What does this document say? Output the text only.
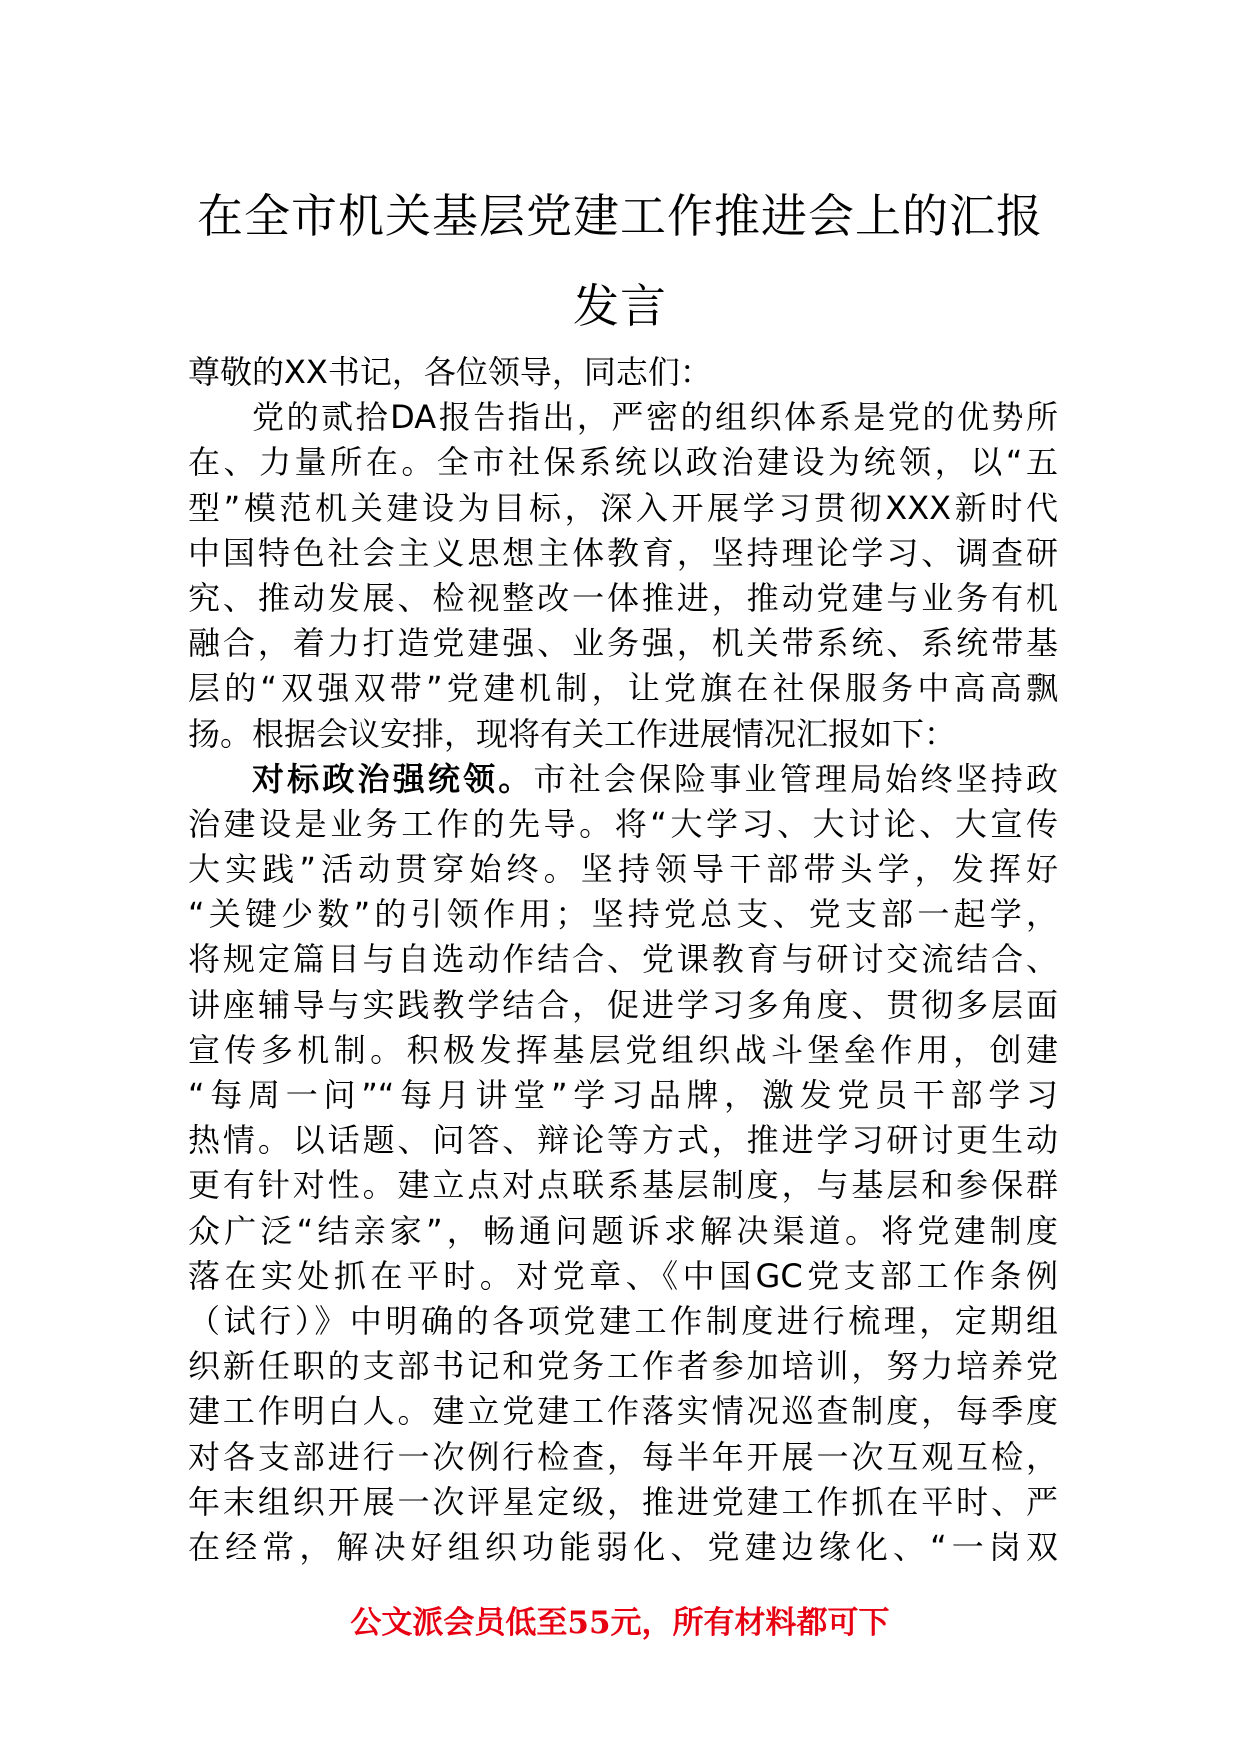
在全市机关基层党建工作推进会上的汇报
发言
尊敬的XX书记，各位领导，同志们：
党的贰拾DA报告指出，严密的组织体系是党的优势所
在、力量所在。全市社保系统以政治建设为统领，以“五
型”模范机关建设为目标，深入开展学习贯彻XXX新时代
中国特色社会主义思想主体教育，坚持理论学习、调查研
究、推动发展、检视整改一体推进，推动党建与业务有机
融合，着力打造党建强、业务强，机关带系统、系统带基
层的“双强双带”党建机制，让党旗在社保服务中高高飘
扬。根据会议安排，现将有关工作进展情况汇报如下：
对标政治强统领。市社会保险事业管理局始终坚持政
治建设是业务工作的先导。将“大学习、大讨论、大宣传
大实践”活动贯穿始终。坚持领导干部带头学，发挥好
“关键少数”的引领作用；坚持党总支、党支部一起学，
将规定篇目与自选动作结合、党课教育与研讨交流结合、
讲座辅导与实践教学结合，促进学习多角度、贯彻多层面
宣传多机制。积极发挥基层党组织战斗堡垒作用，创建
“每周一问”“每月讲堂”学习品牌，激发党员干部学习
热情。以话题、问答、辩论等方式，推进学习研讨更生动
更有针对性。建立点对点联系基层制度，与基层和参保群
众广泛“结亲家”，畅通问题诉求解决渠道。将党建制度
落在实处抓在平时。对党章、《中国GC党支部工作条例
（试行）》中明确的各项党建工作制度进行梳理，定期组
织新任职的支部书记和党务工作者参加培训，努力培养党
建工作明白人。建立党建工作落实情况巡查制度，每季度
对各支部进行一次例行检查，每半年开展一次互观互检，
年末组织开展一次评星定级，推进党建工作抓在平时、严
在经常，解决好组织功能弱化、党建边缘化、“一岗双
公文派会员低至55元，所有材料都可下
